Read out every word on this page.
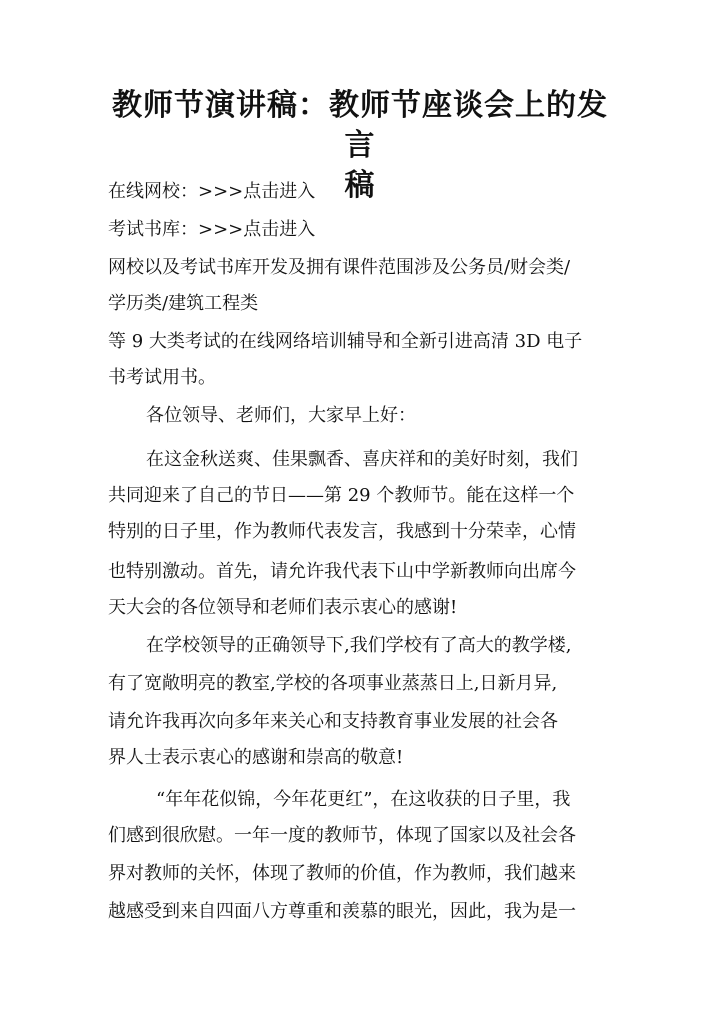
教师节演讲稿：教师节座谈会上的发言
稿
在线网校：>>>点击进入
考试书库：>>>点击进入
网校以及考试书库开发及拥有课件范围涉及公务员/财会类/
学历类/建筑工程类
等 9 大类考试的在线网络培训辅导和全新引进高清 3D 电子
书考试用书。
各位领导、老师们，大家早上好：
在这金秋送爽、佳果飘香、喜庆祥和的美好时刻，我们
共同迎来了自己的节日——第 29 个教师节。能在这样一个
特别的日子里，作为教师代表发言，我感到十分荣幸，心情
也特别激动。首先，请允许我代表下山中学新教师向出席今
天大会的各位领导和老师们表示衷心的感谢!
在学校领导的正确领导下,我们学校有了高大的教学楼,
有了宽敞明亮的教室,学校的各项事业蒸蒸日上,日新月异,
请允许我再次向多年来关心和支持教育事业发展的社会各
界人士表示衷心的感谢和崇高的敬意!
“年年花似锦，今年花更红”，在这收获的日子里，我
们感到很欣慰。一年一度的教师节，体现了国家以及社会各
界对教师的关怀，体现了教师的价值，作为教师，我们越来
越感受到来自四面八方尊重和羡慕的眼光，因此，我为是一
